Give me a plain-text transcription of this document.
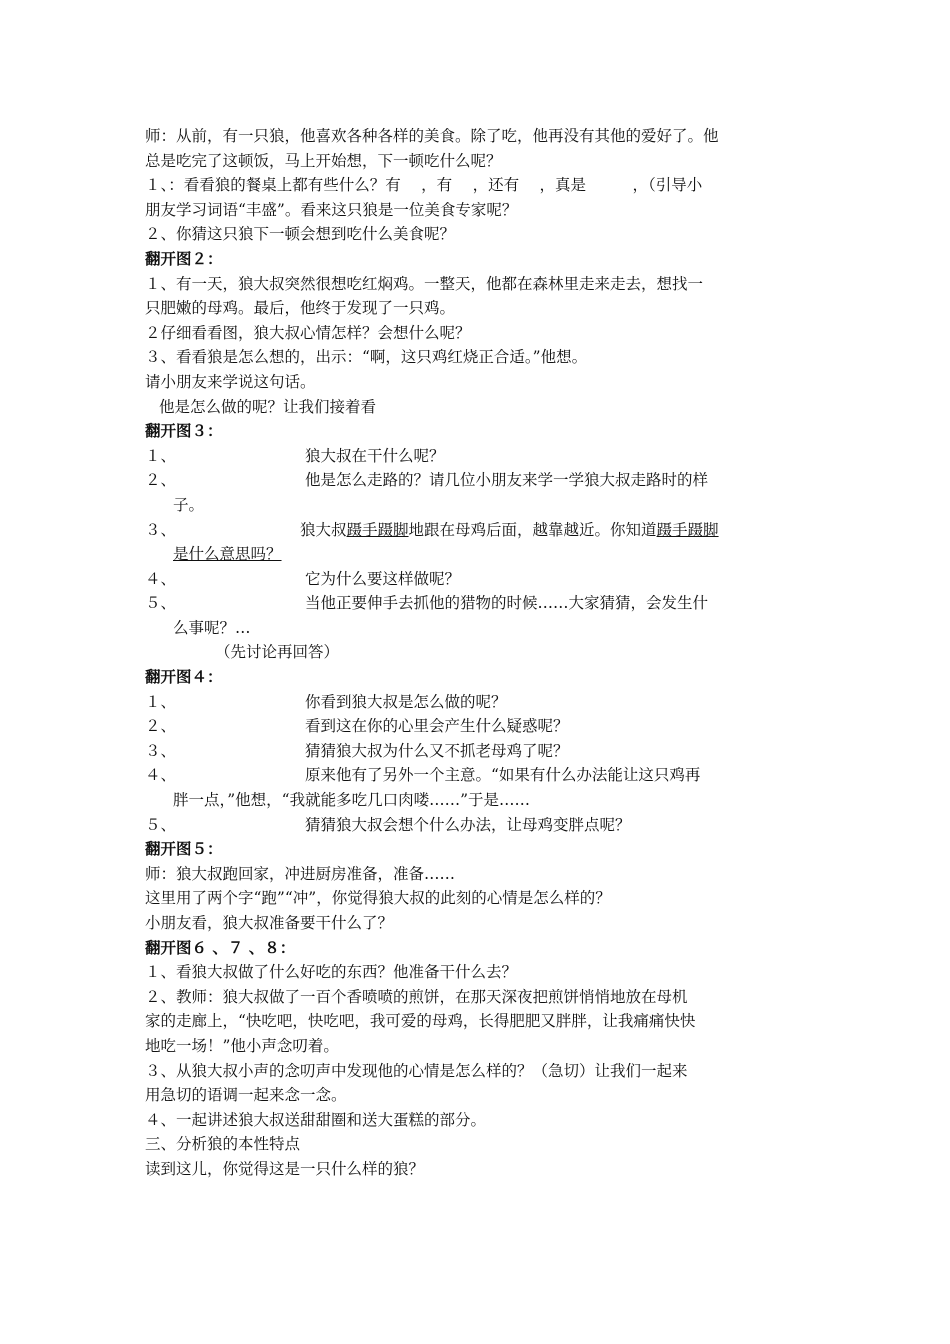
师：从前，有一只狼，他喜欢各种各样的美食。除了吃，他再没有其他的爱好了。他
总是吃完了这顿饭，马上开始想，下一顿吃什么呢？
１、：看看狼的餐桌上都有些什么？有　 ，有　 ，还有　 ，真是　　　，（引导小
朋友学习词语“丰盛”。看来这只狼是一位美食专家呢？
２、你猜这只狼下一顿会想到吃什么美食呢？
翻开图２：
１、有一天，狼大叔突然很想吃红焖鸡。一整天，他都在森林里走来走去，想找一
只肥嫩的母鸡。最后，他终于发现了一只鸡。
２仔细看看图，狼大叔心情怎样？会想什么呢？
３、看看狼是怎么想的，出示：“啊，这只鸡红烧正合适。”他想。
请小朋友来学说这句话。
他是怎么做的呢？让我们接着看
翻开图３：
１、	狼大叔在干什么呢？
２、	他是怎么走路的？请几位小朋友来学一学狼大叔走路时的样
子。
３、	狼大叔蹑手蹑脚地跟在母鸡后面，越靠越近。你知道蹑手蹑脚
是什么意思吗？
４、	它为什么要这样做呢？
５、	当他正要伸手去抓他的猎物的时候……大家猜猜，会发生什
么事呢？…
（先讨论再回答）
翻开图４：
１、	你看到狼大叔是怎么做的呢？
２、	看到这在你的心里会产生什么疑惑呢？
３、	猜猜狼大叔为什么又不抓老母鸡了呢？
４、	原来他有了另外一个主意。“如果有什么办法能让这只鸡再
胖一点，”他想，“我就能多吃几口肉喽……”于是……
５、	猜猜狼大叔会想个什么办法，让母鸡变胖点呢？
翻开图５：
师：狼大叔跑回家，冲进厨房准备，准备……
这里用了两个字“跑”“冲”，你觉得狼大叔的此刻的心情是怎么样的？
小朋友看，狼大叔准备要干什么了？
翻开图６ 、７ 、８：
１、看狼大叔做了什么好吃的东西？他准备干什么去？
２、教师：狼大叔做了一百个香喷喷的煎饼，在那天深夜把煎饼悄悄地放在母机
家的走廊上，“快吃吧，快吃吧，我可爱的母鸡，长得肥肥又胖胖，让我痛痛快快
地吃一场！”他小声念叨着。
３、从狼大叔小声的念叨声中发现他的心情是怎么样的？（急切）让我们一起来
用急切的语调一起来念一念。
４、一起讲述狼大叔送甜甜圈和送大蛋糕的部分。
三、分析狼的本性特点
读到这儿，你觉得这是一只什么样的狼？
